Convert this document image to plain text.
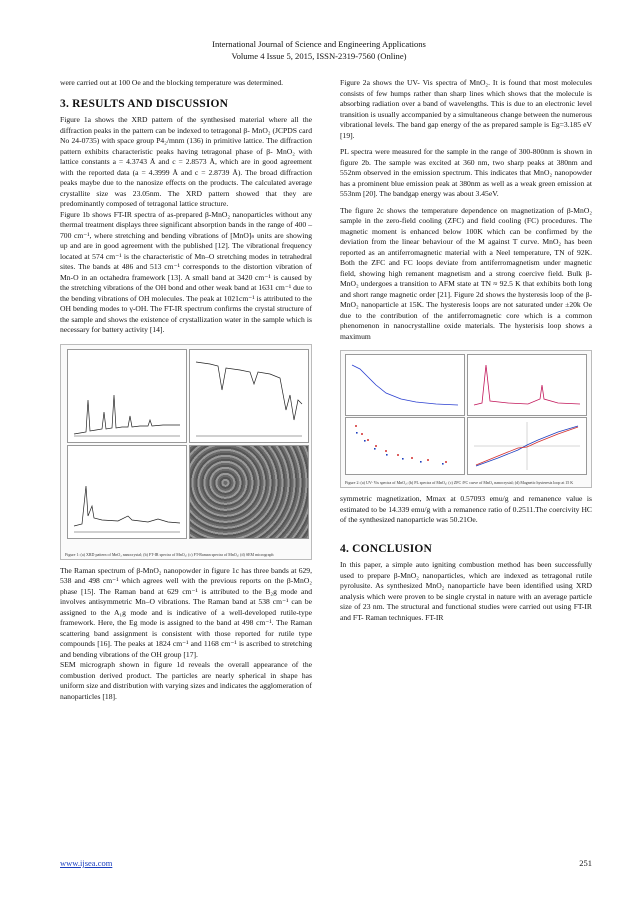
International Journal of Science and Engineering Applications
Volume 4 Issue 5, 2015, ISSN-2319-7560 (Online)

were carried out at 100 Oe and the blocking temperature was determined.

3. RESULTS AND DISCUSSION

Figure 1a shows the XRD pattern of the synthesised material where all the diffraction peaks in the pattern can be indexed to tetragonal β- MnO₂ (JCPDS card No 24-0735) with space group P4₂/mnm (136) in primitive lattice. The diffraction pattern exhibits characteristic peaks having tetragonal phase of β- MnO₂ with lattice constants a = 4.3743 Å and c = 2.8573 Å, which are in good agreement with the reported data (a = 4.3999 Å and c = 2.8739 Å). The broad diffraction peaks maybe due to the nanosize effects on the products. The calculated average crystallite size was 23.05nm. The XRD pattern showed that they are predominantly composed of tetragonal lattice structure.

Figure 1b shows FT-IR spectra of as-prepared β-MnO₂ nanoparticles without any thermal treatment displays three significant absorption bands in the range of 400 – 700 cm⁻¹, where stretching and bending vibrations of [MnO]ₙ units are showing up and are in good agreement with the published [12]. The vibrational frequency located at 574 cm⁻¹ is the characteristic of Mn–O stretching modes in tetrahedral sites. The bands at 486 and 513 cm⁻¹ corresponds to the distortion vibration of Mn-O in an octahedra framework [13]. A small band at 3420 cm⁻¹ is caused by the stretching vibrations of the OH bond and other weak band at 1631 cm⁻¹ due to the bending vibrations of OH molecules. The peak at 1021cm⁻¹ is attributed to the OH bending modes to γ-OH. The FT-IR spectrum confirms the crystal structure of the sample and shows the existence of crystallization water in the sample which is necessary for battery activity [14].

Figure 1: (a) XRD pattern of MnO₂ nanocrystal; (b) FT-IR spectra of MnO₂; (c) FT-Raman spectra of MnO₂; (d) SEM micrograph

The Raman spectrum of β-MnO₂ nanopowder in figure 1c has three bands at 629, 538 and 498 cm⁻¹ which agrees well with the previous reports on the β-MnO₂ phase [15]. The Raman band at 629 cm⁻¹ is attributed to the B₂g mode and involves antisymmetric Mn–O vibrations. The Raman band at 538 cm⁻¹ can be assigned to the A₁g mode and is indicative of a well-developed rutile-type framework. Here, the Eg mode is assigned to the band at 498 cm⁻¹. The Raman scattering band assignment is consistent with those reported for rutile type compounds [16]. The peaks at 1824 cm⁻¹ and 1168 cm⁻¹ is ascribed to stretching and bending vibrations of the OH group [17].

SEM micrograph shown in figure 1d reveals the overall appearance of the combustion derived product. The particles are nearly spherical in shape has uniform size and distribution with varying sizes and indicates the agglomeration of nanoparticles [18].

Figure 2a shows the UV- Vis spectra of MnO₂. It is found that most molecules consists of few humps rather than sharp lines which shows that the molecule is absorbing radiation over a band of wavelengths. This is due to an electronic level transition is usually accompanied by a simultaneous change between the numerous vibrational levels. The band gap energy of the as prepared sample is Eg=3.185 eV [19].

PL spectra were measured for the sample in the range of 300-800nm is shown in figure 2b. The sample was excited at 360 nm, two sharp peaks at 380nm and 552nm observed in the emission spectrum. This indicates that MnO₂ nanopowder has a prominent blue emission peak at 380nm as well as a weak green emission at 553nm [20]. The bandgap energy was about 3.45eV.

The figure 2c shows the temperature dependence on magnetization of β-MnO₂ sample in the zero-field cooling (ZFC) and field cooling (FC) procedures. The magnetic moment is enhanced below 100K which can be confirmed by the deviation from the linear behaviour of the M against T curve. MnO₂ has been reported as an antiferromagnetic material with a Neel temperature, TN of 92K. Both the ZFC and FC loops deviate from antiferromagnetism under magnetic field, showing high remanent magnetism and a strong coercive field. Bulk β-MnO₂ undergoes a transition to AFM state at TN ≈ 92.5 K that exhibits both long and short range magnetic order [21]. Figure 2d shows the hysteresis loop of the β-MnO₂ nanoparticle at 15K. The hysteresis loops are not saturated under ±20k Oe due to the contribution of the antiferromagnetic core which is a common phenomenon in nanocrystalline oxide materials. The hysterisis loop shows a maximum

Figure 2: (a) UV- Vis spectra of MnO₂; (b) PL spectra of MnO₂; (c) ZFC /FC curve of MnO₂ nanocrystal; (d) Magnetic hysteresis loop at 15 K

symmetric magnetization, Mmax at 0.57093 emu/g and remanence value is estimated to be 14.339 emu/g with a remanence ratio of 0.2511.The coercivity HC of the synthesized nanoparticle was 50.21Oe.

4. CONCLUSION

In this paper, a simple auto igniting combustion method has been successfully used to prepare β-MnO₂ nanoparticles, which are indexed as tetragonal rutile pyrolusite. As synthesized MnO₂ nanoparticle have been identified using XRD analysis which were proven to be single crystal in nature with an average particle size of 23 nm. The structural and functional studies were carried out using FT-IR and FT- Raman techniques. FT-IR

www.ijsea.com	251
